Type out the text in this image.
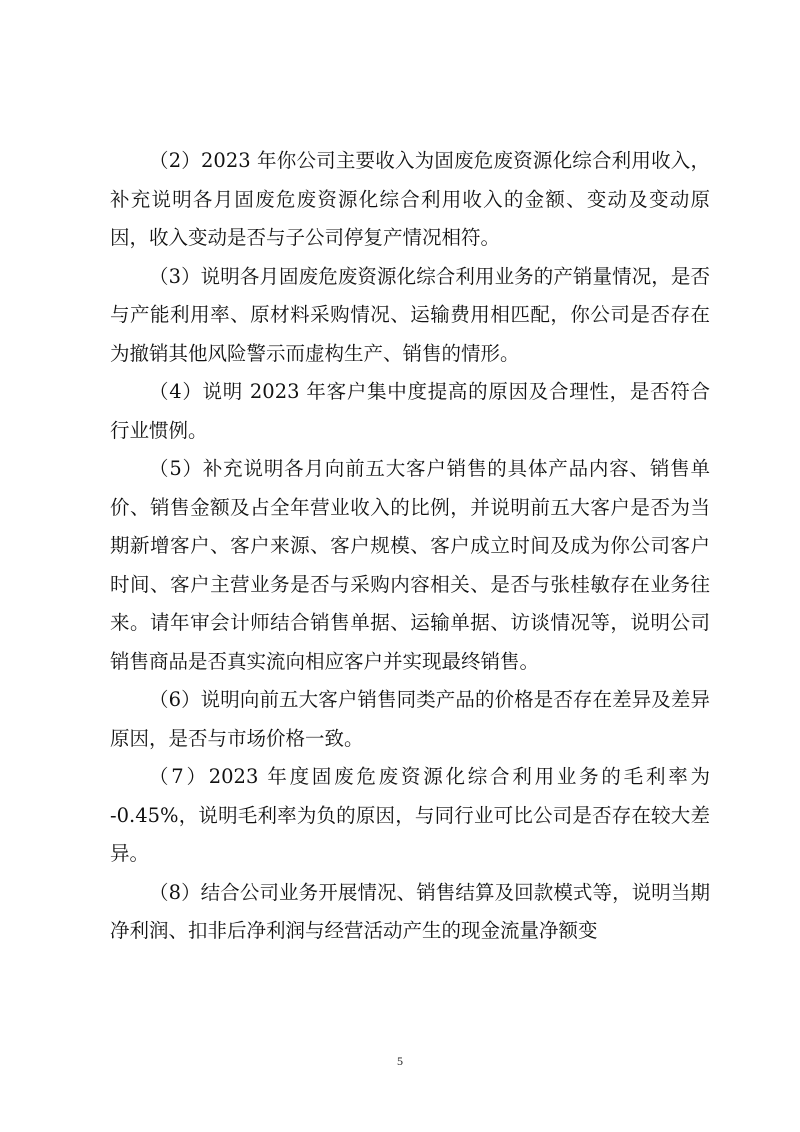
（2）2023 年你公司主要收入为固废危废资源化综合利用收入，补充说明各月固废危废资源化综合利用收入的金额、变动及变动原因，收入变动是否与子公司停复产情况相符。

（3）说明各月固废危废资源化综合利用业务的产销量情况，是否与产能利用率、原材料采购情况、运输费用相匹配，你公司是否存在为撤销其他风险警示而虚构生产、销售的情形。

（4）说明 2023 年客户集中度提高的原因及合理性，是否符合行业惯例。

（5）补充说明各月向前五大客户销售的具体产品内容、销售单价、销售金额及占全年营业收入的比例，并说明前五大客户是否为当期新增客户、客户来源、客户规模、客户成立时间及成为你公司客户时间、客户主营业务是否与采购内容相关、是否与张桂敏存在业务往来。请年审会计师结合销售单据、运输单据、访谈情况等，说明公司销售商品是否真实流向相应客户并实现最终销售。

（6）说明向前五大客户销售同类产品的价格是否存在差异及差异原因，是否与市场价格一致。

（7）2023 年度固废危废资源化综合利用业务的毛利率为 -0.45%，说明毛利率为负的原因，与同行业可比公司是否存在较大差异。

（8）结合公司业务开展情况、销售结算及回款模式等，说明当期净利润、扣非后净利润与经营活动产生的现金流量净额变

5
